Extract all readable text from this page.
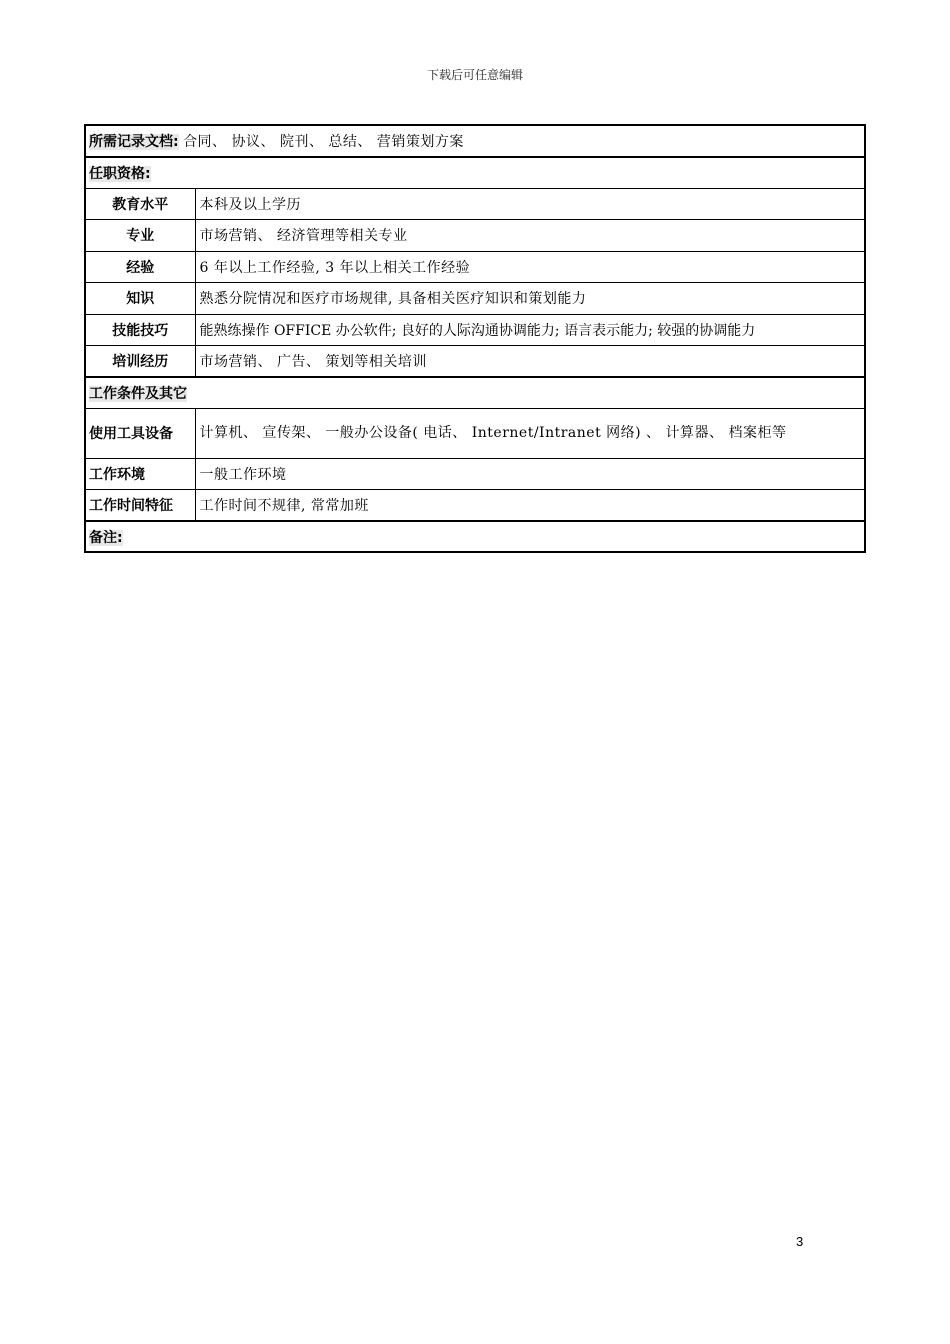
下载后可任意编辑
所需记录文档: 合同、 协议、 院刊、 总结、 营销策划方案	
任职资格:	
教育水平	本科及以上学历
专业	市场营销、 经济管理等相关专业
经验	6 年以上工作经验, 3 年以上相关工作经验
知识	熟悉分院情况和医疗市场规律, 具备相关医疗知识和策划能力
技能技巧	能熟练操作 OFFICE 办公软件; 良好的人际沟通协调能力; 语言表示能力; 较强的协调能力
培训经历	市场营销、 广告、 策划等相关培训
工作条件及其它	
使用工具设备	计算机、 宣传架、 一般办公设备( 电话、 Internet/Intranet 网络) 、 计算器、 档案柜等
工作环境	一般工作环境
工作时间特征	工作时间不规律, 常常加班
备注:	
3
